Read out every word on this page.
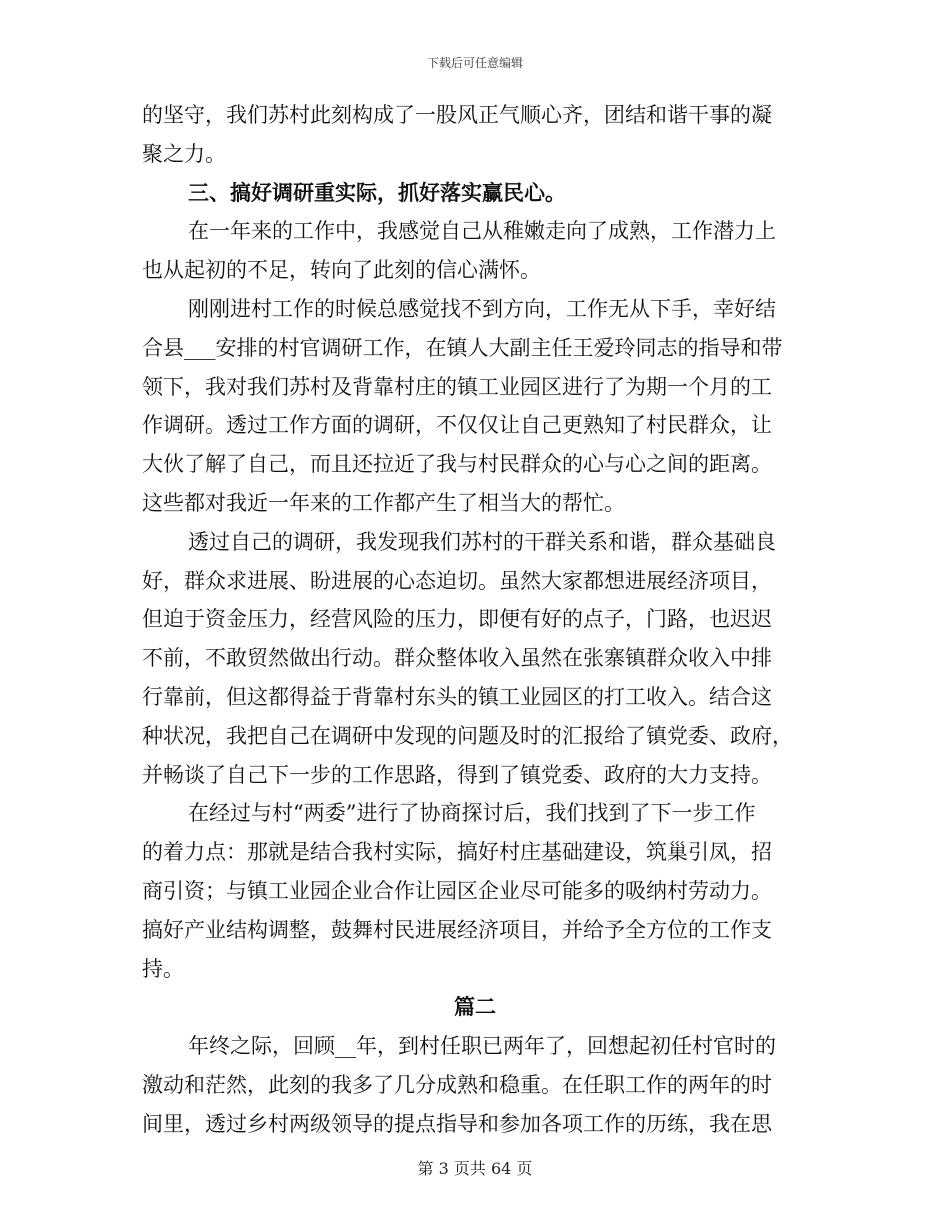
下载后可任意编辑

的坚守，我们苏村此刻构成了一股风正气顺心齐，团结和谐干事的凝

聚之力。

三、搞好调研重实际，抓好落实赢民心。

在一年来的工作中，我感觉自己从稚嫩走向了成熟，工作潜力上

也从起初的不足，转向了此刻的信心满怀。

刚刚进村工作的时候总感觉找不到方向，工作无从下手，幸好结

合县___安排的村官调研工作，在镇人大副主任王爱玲同志的指导和带

领下，我对我们苏村及背靠村庄的镇工业园区进行了为期一个月的工

作调研。透过工作方面的调研，不仅仅让自己更熟知了村民群众，让

大伙了解了自己，而且还拉近了我与村民群众的心与心之间的距离。

这些都对我近一年来的工作都产生了相当大的帮忙。

透过自己的调研，我发现我们苏村的干群关系和谐，群众基础良

好，群众求进展、盼进展的心态迫切。虽然大家都想进展经济项目，

但迫于资金压力，经营风险的压力，即便有好的点子，门路，也迟迟

不前，不敢贸然做出行动。群众整体收入虽然在张寨镇群众收入中排

行靠前，但这都得益于背靠村东头的镇工业园区的打工收入。结合这

种状况，我把自己在调研中发现的问题及时的汇报给了镇党委、政府，

并畅谈了自己下一步的工作思路，得到了镇党委、政府的大力支持。

在经过与村“两委”进行了协商探讨后，我们找到了下一步工作

的着力点：那就是结合我村实际，搞好村庄基础建设，筑巢引凤，招

商引资；与镇工业园企业合作让园区企业尽可能多的吸纳村劳动力。

搞好产业结构调整，鼓舞村民进展经济项目，并给予全方位的工作支

持。

篇二

年终之际，回顾__年，到村任职已两年了，回想起初任村官时的

激动和茫然，此刻的我多了几分成熟和稳重。在任职工作的两年的时

间里，透过乡村两级领导的提点指导和参加各项工作的历练，我在思

第 3 页共 64 页
